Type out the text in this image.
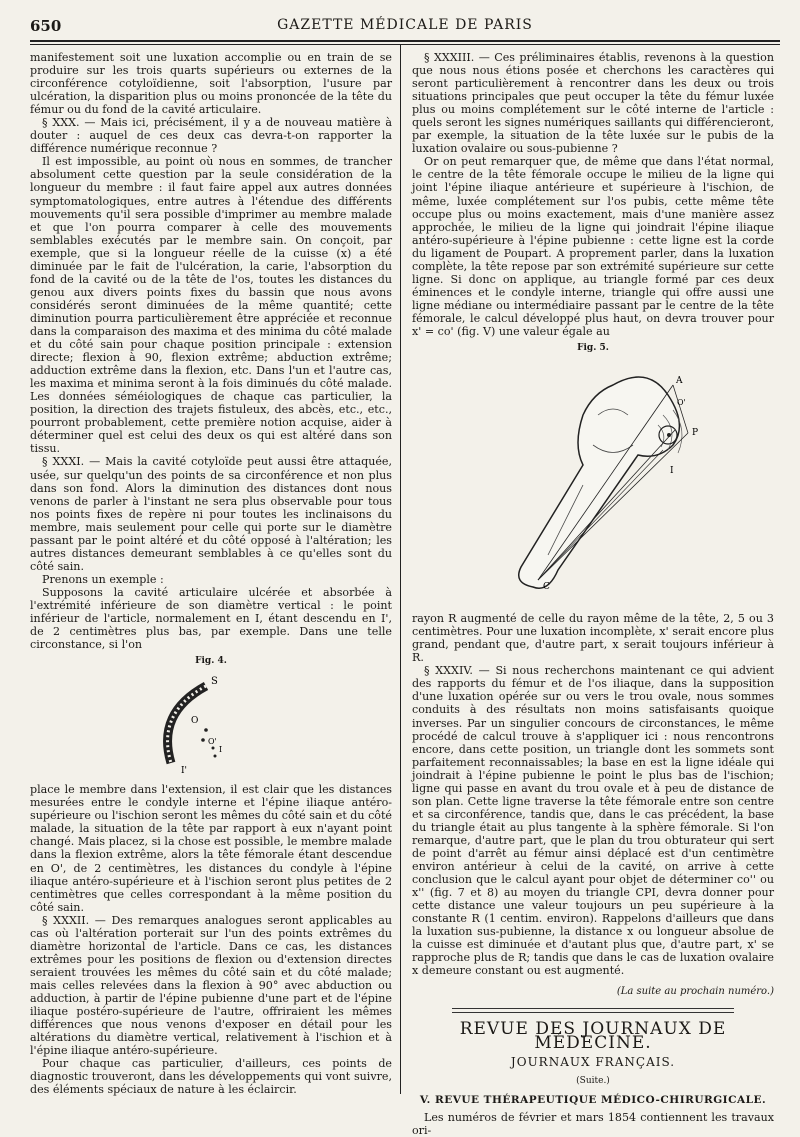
650	GAZETTE MÉDICALE DE PARIS

manifestement soit une luxation accomplie ou en train de se produire sur les trois quarts supérieurs ou externes de la circonférence cotyloïdienne, soit l'absorption, l'usure par ulcération, la disparition plus ou moins prononcée de la tête du fémur ou du fond de la cavité articulaire.

§ XXX. — Mais ici, précisément, il y a de nouveau matière à douter : auquel de ces deux cas devra-t-on rapporter la différence numérique reconnue ?

Il est impossible, au point où nous en sommes, de trancher absolument cette question par la seule considération de la longueur du membre : il faut faire appel aux autres données symptomatologiques, entre autres à l'étendue des différents mouvements qu'il sera possible d'imprimer au membre malade et que l'on pourra comparer à celle des mouvements semblables exécutés par le membre sain. On conçoit, par exemple, que si la longueur réelle de la cuisse (x) a été diminuée par le fait de l'ulcération, la carie, l'absorption du fond de la cavité ou de la tête de l'os, toutes les distances du genou aux divers points fixes du bassin que nous avons considérés seront diminuées de la même quantité; cette diminution pourra particulièrement être appréciée et reconnue dans la comparaison des maxima et des minima du côté malade et du côté sain pour chaque position principale : extension directe; flexion à 90, flexion extrême; abduction extrême; adduction extrême dans la flexion, etc. Dans l'un et l'autre cas, les maxima et minima seront à la fois diminués du côté malade. Les données séméiologiques de chaque cas particulier, la position, la direction des trajets fistuleux, des abcès, etc., etc., pourront probablement, cette première notion acquise, aider à déterminer quel est celui des deux os qui est altéré dans son tissu.

§ XXXI. — Mais la cavité cotyloïde peut aussi être attaquée, usée, sur quelqu'un des points de sa circonférence et non plus dans son fond. Alors la diminution des distances dont nous venons de parler à l'instant ne sera plus observable pour tous nos points fixes de repère ni pour toutes les inclinaisons du membre, mais seulement pour celle qui porte sur le diamètre passant par le point altéré et du côté opposé à l'altération; les autres distances demeurant semblables à ce qu'elles sont du côté sain.

Prenons un exemple :

Supposons la cavité articulaire ulcérée et absorbée à l'extrémité inférieure de son diamètre vertical : le point inférieur de l'article, normalement en I, étant descendu en I', de 2 centimètres plus bas, par exemple. Dans une telle circonstance, si l'on

Fig. 4.
S
O
O'
I
I'

place le membre dans l'extension, il est clair que les distances mesurées entre le condyle interne et l'épine iliaque antéro-supérieure ou l'ischion seront les mêmes du côté sain et du côté malade, la situation de la tête par rapport à eux n'ayant point changé. Mais placez, si la chose est possible, le membre malade dans la flexion extrême, alors la tête fémorale étant descendue en O', de 2 centimètres, les distances du condyle à l'épine iliaque antéro-supérieure et à l'ischion seront plus petites de 2 centimètres que celles correspondant à la même position du côté sain.

§ XXXII. — Des remarques analogues seront applicables au cas où l'altération porterait sur l'un des points extrêmes du diamètre horizontal de l'article. Dans ce cas, les distances extrêmes pour les positions de flexion ou d'extension directes seraient trouvées les mêmes du côté sain et du côté malade; mais celles relevées dans la flexion à 90° avec abduction ou adduction, à partir de l'épine pubienne d'une part et de l'épine iliaque postéro-supérieure de l'autre, offriraient les mêmes différences que nous venons d'exposer en détail pour les altérations du diamètre vertical, relativement à l'ischion et à l'épine iliaque antéro-supérieure.

Pour chaque cas particulier, d'ailleurs, ces points de diagnostic trouveront, dans les développements qui vont suivre, des éléments spéciaux de nature à les éclaircir.

§ XXXIII. — Ces préliminaires établis, revenons à la question que nous nous étions posée et cherchons les caractères qui seront particulièrement à rencontrer dans les deux ou trois situations principales que peut occuper la tête du fémur luxée plus ou moins complétement sur le côté interne de l'article : quels seront les signes numériques saillants qui différencieront, par exemple, la situation de la tête luxée sur le pubis de la luxation ovalaire ou sous-pubienne ?

Or on peut remarquer que, de même que dans l'état normal, le centre de la tête fémorale occupe le milieu de la ligne qui joint l'épine iliaque antérieure et supérieure à l'ischion, de même, luxée complétement sur l'os pubis, cette même tête occupe plus ou moins exactement, mais d'une manière assez approchée, le milieu de la ligne qui joindrait l'épine iliaque antéro-supérieure à l'épine pubienne : cette ligne est la corde du ligament de Poupart. A proprement parler, dans la luxation complète, la tête repose par son extrémité supérieure sur cette ligne. Si donc on applique, au triangle formé par ces deux éminences et le condyle interne, triangle qui offre aussi une ligne médiane ou intermédiaire passant par le centre de la tête fémorale, le calcul développé plus haut, on devra trouver pour x' = co' (fig. V) une valeur égale au

Fig. 5.
A
O'
P
I
C

rayon R augmenté de celle du rayon même de la tête, 2, 5 ou 3 centimètres. Pour une luxation incomplète, x' serait encore plus grand, pendant que, d'autre part, x serait toujours inférieur à R.

§ XXXIV. — Si nous recherchons maintenant ce qui advient des rapports du fémur et de l'os iliaque, dans la supposition d'une luxation opérée sur ou vers le trou ovale, nous sommes conduits à des résultats non moins satisfaisants quoique inverses. Par un singulier concours de circonstances, le même procédé de calcul trouve à s'appliquer ici : nous rencontrons encore, dans cette position, un triangle dont les sommets sont parfaitement reconnaissables; la base en est la ligne idéale qui joindrait à l'épine pubienne le point le plus bas de l'ischion; ligne qui passe en avant du trou ovale et à peu de distance de son plan. Cette ligne traverse la tête fémorale entre son centre et sa circonférence, tandis que, dans le cas précédent, la base du triangle était au plus tangente à la sphère fémorale. Si l'on remarque, d'autre part, que le plan du trou obturateur qui sert de point d'arrêt au fémur ainsi déplacé est d'un centimètre environ antérieur à celui de la cavité, on arrive à cette conclusion que le calcul ayant pour objet de déterminer co'' ou x'' (fig. 7 et 8) au moyen du triangle CPI, devra donner pour cette distance une valeur toujours un peu supérieure à la constante R (1 centim. environ). Rappelons d'ailleurs que dans la luxation sus-pubienne, la distance x ou longueur absolue de la cuisse est diminuée et d'autant plus que, d'autre part, x' se rapproche plus de R; tandis que dans le cas de luxation ovalaire x demeure constant ou est augmenté.

(La suite au prochain numéro.)
REVUE DES JOURNAUX DE MÉDECINE.
JOURNAUX FRANÇAIS.
(Suite.)
V. REVUE THÉRAPEUTIQUE MÉDICO-CHIRURGICALE.

Les numéros de février et mars 1854 contiennent les travaux ori-
